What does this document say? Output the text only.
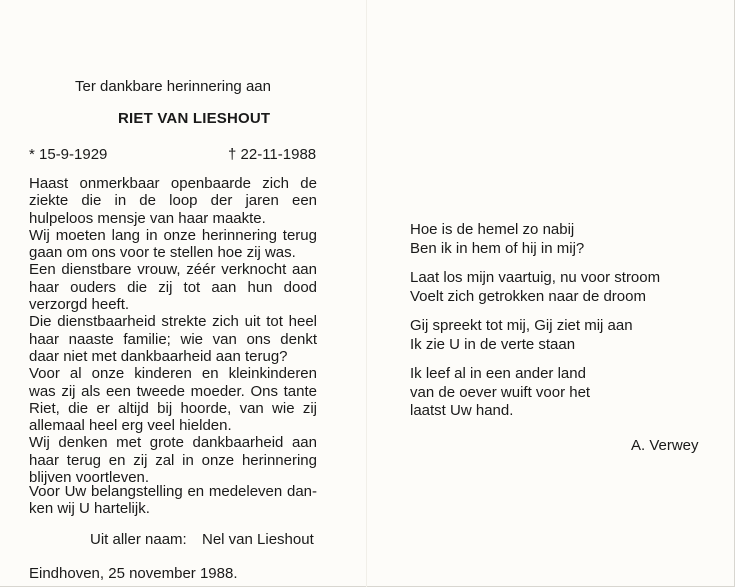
Ter dankbare herinnering aan
RIET VAN LIESHOUT
* 15-9-1929	† 22-11-1988
Haast onmerkbaar openbaarde zich de ziekte die in de loop der jaren een hulpeloos mensje van haar maakte.
Wij moeten lang in onze herinnering terug gaan om ons voor te stellen hoe zij was.
Een dienstbare vrouw, zéér verknocht aan haar ouders die zij tot aan hun dood verzorgd heeft.
Die dienstbaarheid strekte zich uit tot heel haar naaste familie; wie van ons denkt daar niet met dankbaarheid aan terug?
Voor al onze kinderen en kleinkinderen was zij als een tweede moeder. Ons tante Riet, die er altijd bij hoorde, van wie zij allemaal heel erg veel hielden.
Wij denken met grote dankbaarheid aan haar terug en zij zal in onze herinnering blijven voortleven.
Voor Uw belangstelling en medeleven dan-ken wij U hartelijk.
Uit aller naam: Nel van Lieshout
Eindhoven, 25 november 1988.
Hoe is de hemel zo nabij
Ben ik in hem of hij in mij?
Laat los mijn vaartuig, nu voor stroom
Voelt zich getrokken naar de droom
Gij spreekt tot mij, Gij ziet mij aan
Ik zie U in de verte staan
Ik leef al in een ander land
van de oever wuift voor het
laatst Uw hand.
A. Verwey
